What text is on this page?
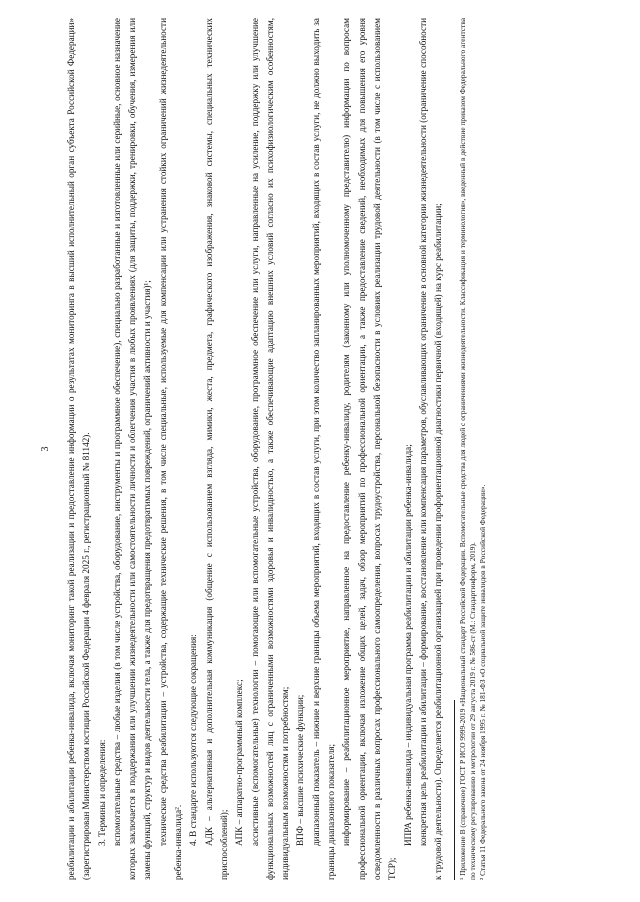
3 реабилитации и абилитации ребенка-инвалида, включая мониторинг такой реализации и предоставление информации о результатах мониторинга в высший исполнительный орган субъекта Российской Федерации» (зарегистрирован Министерством юстиции Российской Федерации 4 февраля 2025 г., регистрационный № 81142). 3. Термины и определения: вспомогательные средства – любые изделия (в том числе устройства, оборудование, инструменты и программное обеспечение), специально разработанные и изготовленные или серийные, основное назначение которых заключается в поддержании или улучшении жизнедеятельности или самостоятельности личности и облегчения участия в любых проявлениях (для защиты, поддержки, тренировки, обучения, измерения или замены функций, структур и видов деятельности тела, а также для предотвращения предотвратимых повреждений, ограничений активности и участия)¹; технические средства реабилитации – устройства, содержащие технические решения, в том числе специальные, используемые для компенсации или устранения стойких ограничений жизнедеятельности ребенка-инвалида². 4. В стандарте используются следующие сокращения: АДК – альтернативная и дополнительная коммуникация (общение с использованием взгляда, мимики, жеста, предмета, графического изображения, знаковой системы, специальных технических приспособлений); АПК – аппаратно-программный комплекс; ассистивные (вспомогательные) технологии – помогающие или вспомогательные устройства, оборудование, программное обеспечение или услуги, направленные на усиление, поддержку или улучшение функциональных возможностей лиц с ограниченными возможностями здоровья и инвалидностью, а также обеспечивающие адаптацию внешних условий согласно их психофизиологическим особенностям, индивидуальным возможностям и потребностям; ВПФ – высшие психические функции; диапазонный показатель – нижние и верхние границы объема мероприятий, входящих в состав услуги, при этом количество запланированных мероприятий, входящих в состав услуги, не должно выходить за границы диапазонного показателя; информирование – реабилитационное мероприятие, направленное на предоставление ребенку-инвалиду, родителям (законному или уполномоченному представителю) информации по вопросам профессиональной ориентации, включая изложение общих целей, задач, обзор мероприятий по профессиональной ориентации, а также предоставление сведений, необходимых для повышения его уровня осведомленности в различных вопросах профессионального самоопределения, вопросах трудоустройства, персональной безопасности в условиях реализации трудовой деятельности (в том числе с использованием ТСР);

ИПРА ребенка-инвалида – индивидуальная программа реабилитации и абилитации ребенка-инвалида; конкретная цель реабилитации и абилитации – формирование, восстановление или компенсация параметров, обуславливающих ограничение в основной категории жизнедеятельности (ограничение способности к трудовой деятельности). Определяется реабилитационной организацией при проведении профориентационной диагностики первичной (входящей) на курс реабилитации;	¹ Приложение В (справочное) ГОСТ Р ИСО 9999-2019 «Национальный стандарт Российской Федерации. Вспомогательные средства для людей с ограничениями жизнедеятельности. Классификация и терминология», введенный в действие приказом Федерального агентства по техническому регулированию и метрологии от 29 августа 2019 г. № 586-ст (М.: Стандартинформ, 2019). ² Статья 11 Федерального закона от 24 ноября 1995 г. № 181-ФЗ «О социальной защите инвалидов в Российской Федерации».
